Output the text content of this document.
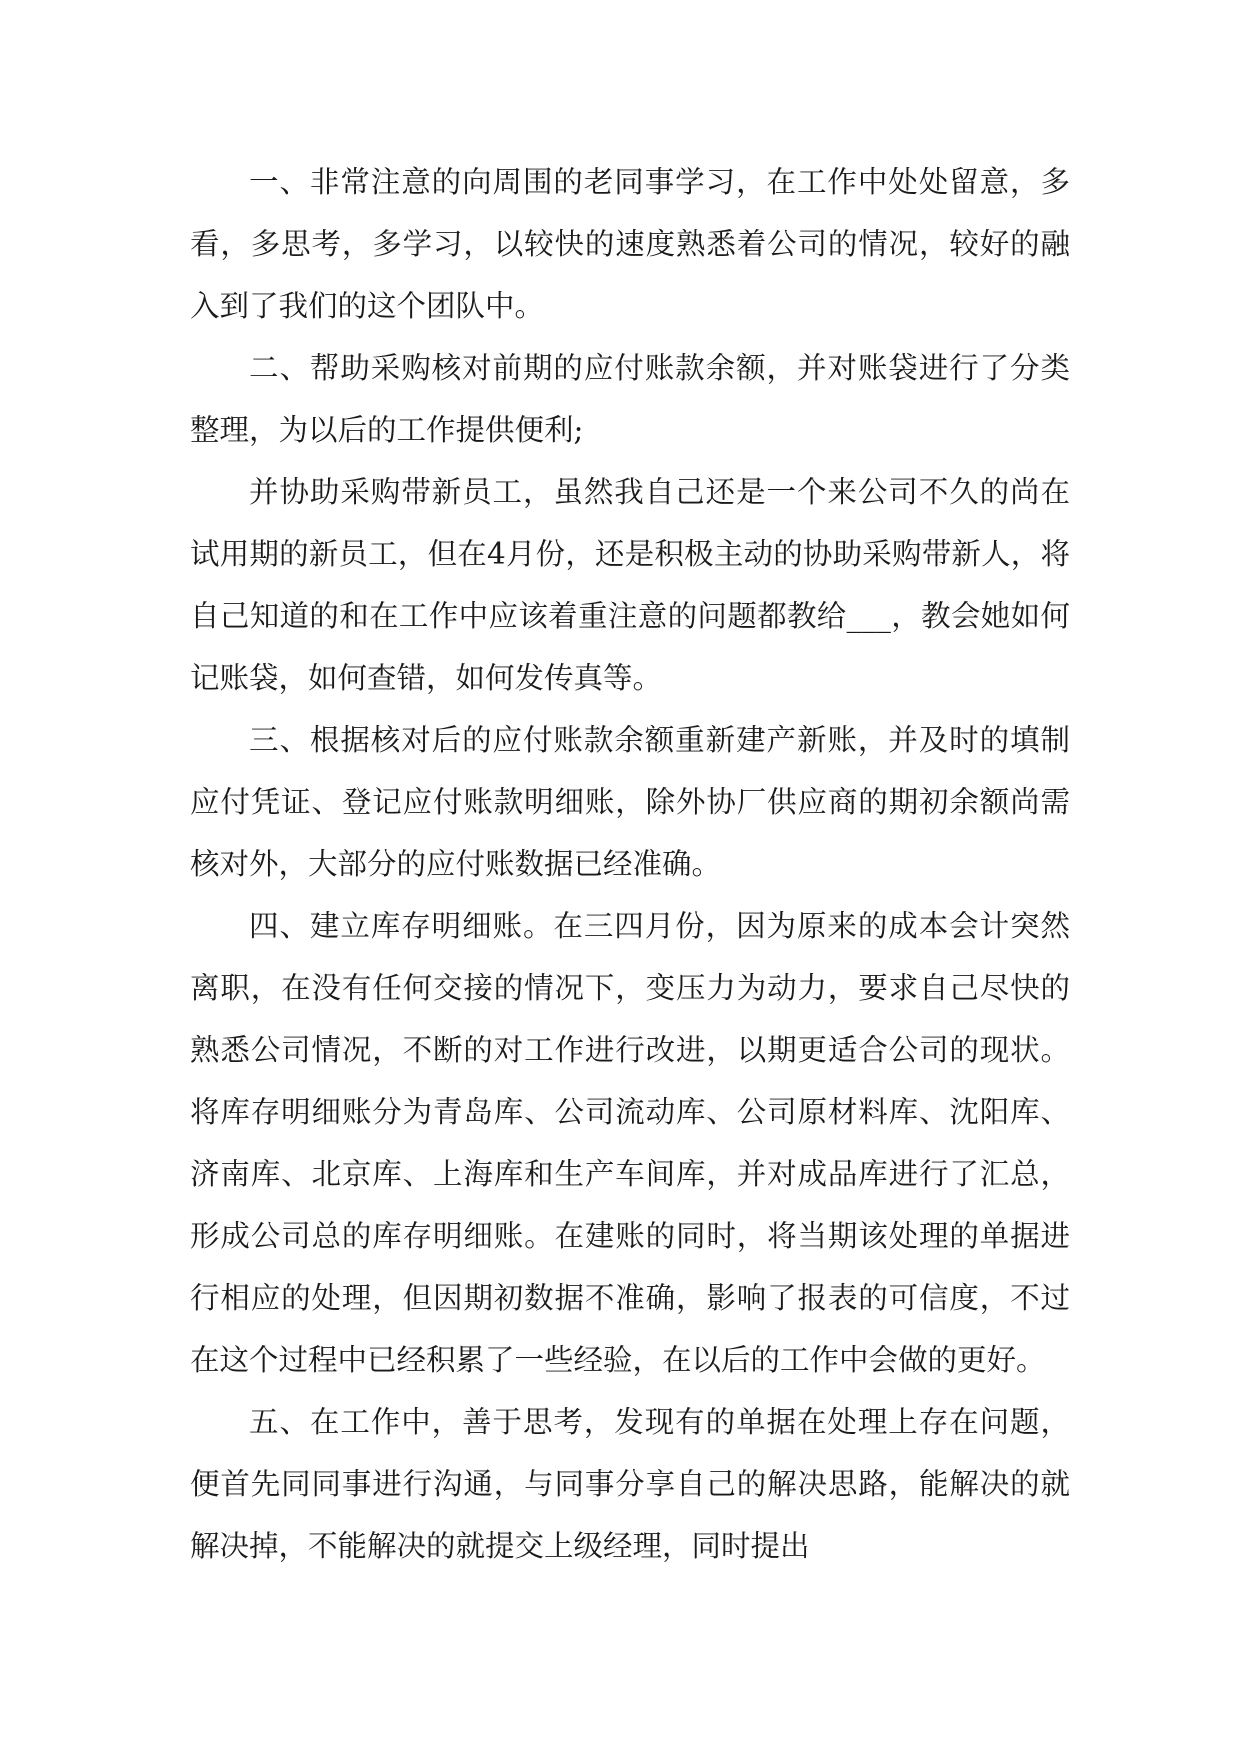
一、非常注意的向周围的老同事学习，在工作中处处留意，多看，多思考，多学习，以较快的速度熟悉着公司的情况，较好的融入到了我们的这个团队中。

二、帮助采购核对前期的应付账款余额，并对账袋进行了分类整理，为以后的工作提供便利;

并协助采购带新员工，虽然我自己还是一个来公司不久的尚在试用期的新员工，但在4月份，还是积极主动的协助采购带新人，将自己知道的和在工作中应该着重注意的问题都教给___，教会她如何记账袋，如何查错，如何发传真等。

三、根据核对后的应付账款余额重新建产新账，并及时的填制应付凭证、登记应付账款明细账，除外协厂供应商的期初余额尚需核对外，大部分的应付账数据已经准确。

四、建立库存明细账。在三四月份，因为原来的成本会计突然离职，在没有任何交接的情况下，变压力为动力，要求自己尽快的熟悉公司情况，不断的对工作进行改进，以期更适合公司的现状。将库存明细账分为青岛库、公司流动库、公司原材料库、沈阳库、济南库、北京库、上海库和生产车间库，并对成品库进行了汇总，形成公司总的库存明细账。在建账的同时，将当期该处理的单据进行相应的处理，但因期初数据不准确，影响了报表的可信度，不过在这个过程中已经积累了一些经验，在以后的工作中会做的更好。

五、在工作中，善于思考，发现有的单据在处理上存在问题，便首先同同事进行沟通，与同事分享自己的解决思路，能解决的就解决掉，不能解决的就提交上级经理，同时提出
